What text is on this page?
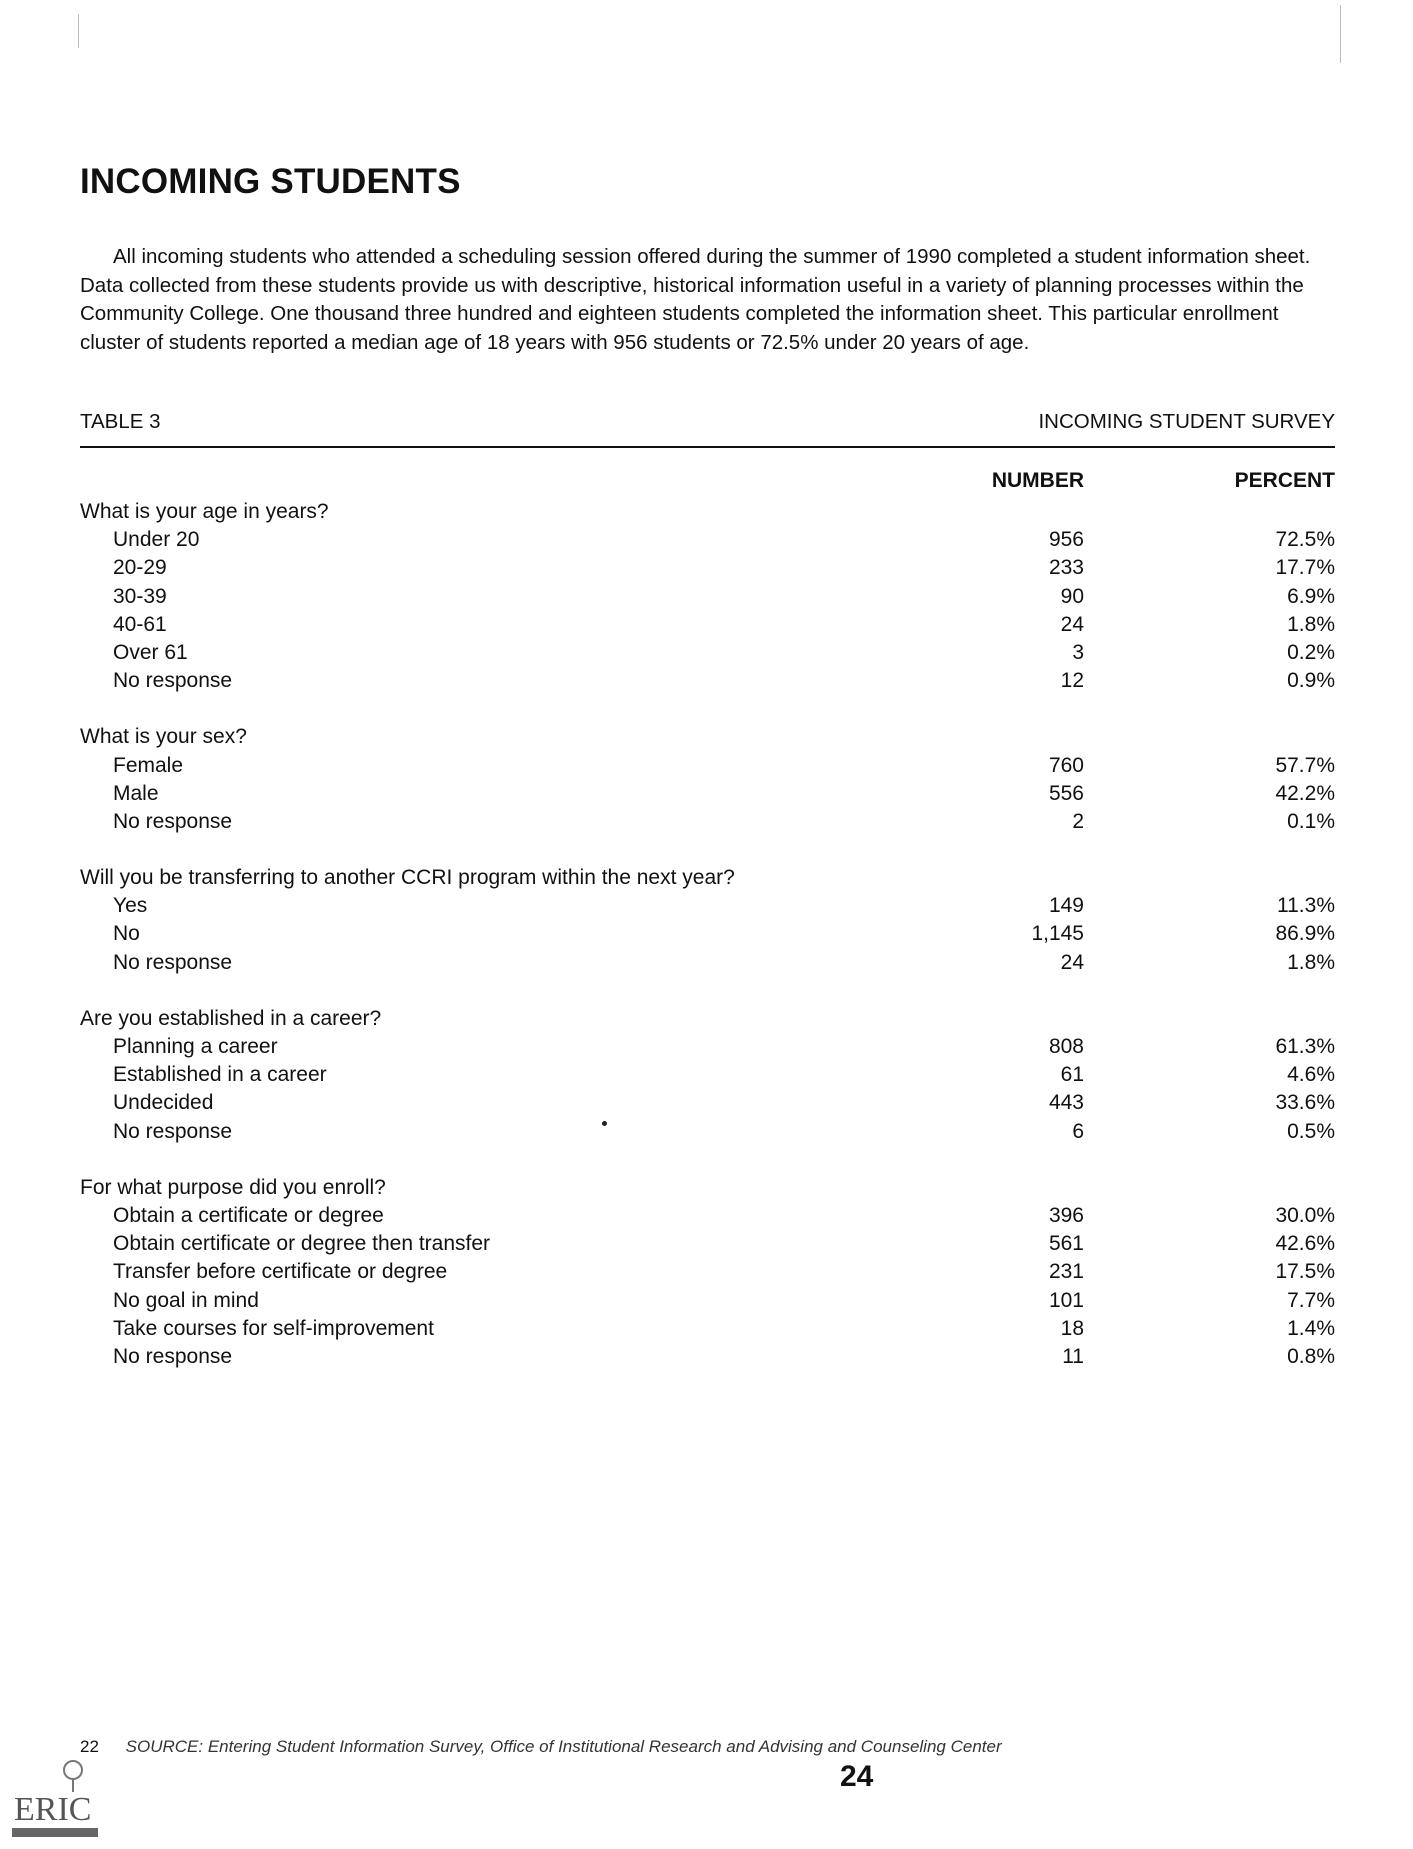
INCOMING STUDENTS

All incoming students who attended a scheduling session offered during the summer of 1990 completed a student information sheet. Data collected from these students provide us with descriptive, historical information useful in a variety of planning processes within the Community College. One thousand three hundred and eighteen students completed the information sheet. This particular enrollment cluster of students reported a median age of 18 years with 956 students or 72.5% under 20 years of age.

TABLE 3	INCOMING STUDENT SURVEY
NUMBER	PERCENT
What is your age in years?
Under 20	956	72.5%
20-29	233	17.7%
30-39	90	6.9%
40-61	24	1.8%
Over 61	3	0.2%
No response	12	0.9%
What is your sex?
Female	760	57.7%
Male	556	42.2%
No response	2	0.1%
Will you be transferring to another CCRI program within the next year?
Yes	149	11.3%
No	1,145	86.9%
No response	24	1.8%
Are you established in a career?
Planning a career	808	61.3%
Established in a career	61	4.6%
Undecided	443	33.6%
No response	6	0.5%
For what purpose did you enroll?
Obtain a certificate or degree	396	30.0%
Obtain certificate or degree then transfer	561	42.6%
Transfer before certificate or degree	231	17.5%
No goal in mind	101	7.7%
Take courses for self-improvement	18	1.4%
No response	11	0.8%
22 SOURCE: Entering Student Information Survey, Office of Institutional Research and Advising and Counseling Center
24
ERIC
